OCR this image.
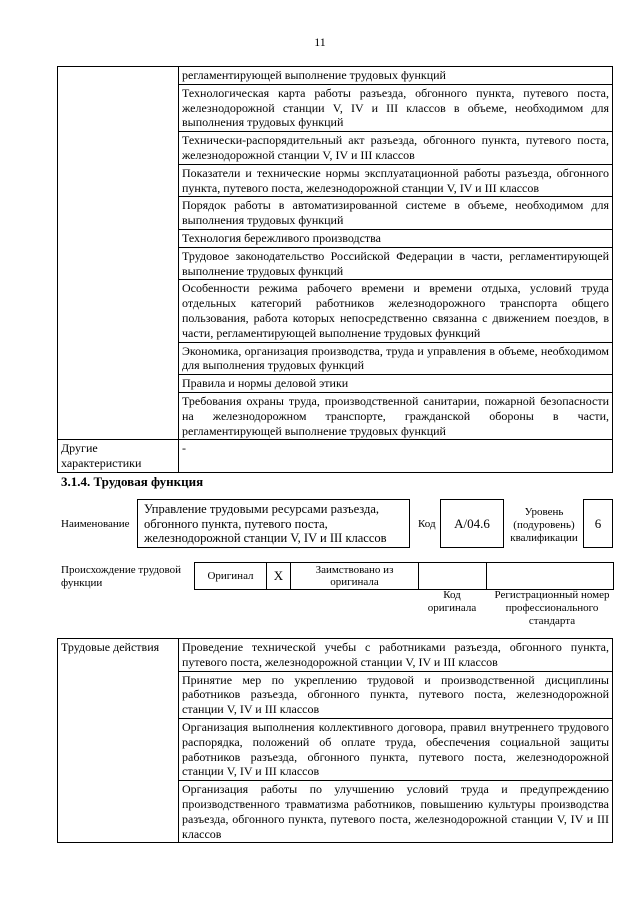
11
	регламентирующей выполнение трудовых функций
	Технологическая карта работы разъезда, обгонного пункта, путевого поста, железнодорожной станции V, IV и III классов в объеме, необходимом для выполнения трудовых функций
	Технически-распорядительный акт разъезда, обгонного пункта, путевого поста, железнодорожной станции V, IV и III классов
	Показатели и технические нормы эксплуатационной работы разъезда, обгонного пункта, путевого поста, железнодорожной станции V, IV и III классов
	Порядок работы в автоматизированной системе в объеме, необходимом для выполнения трудовых функций
	Технология бережливого производства
	Трудовое законодательство Российской Федерации в части, регламентирующей выполнение трудовых функций
	Особенности режима рабочего времени и времени отдыха, условий труда отдельных категорий работников железнодорожного транспорта общего пользования, работа которых непосредственно связанна с движением поездов, в части, регламентирующей выполнение трудовых функций
	Экономика, организация производства, труда и управления в объеме, необходимом для выполнения трудовых функций
	Правила и нормы деловой этики
	Требования охраны труда, производственной санитарии, пожарной безопасности на железнодорожном транспорте, гражданской обороны в части, регламентирующей выполнение трудовых функций
Другие характеристики	-
3.1.4. Трудовая функция
Наименование
Управление трудовыми ресурсами разъезда, обгонного пункта, путевого поста, железнодорожной станции V, IV и III классов
Код	A/04.6
Уровень (подуровень) квалификации
6
Происхождение трудовой функции
Оригинал	X	Заимствовано из оригинала		
Код оригинала
Регистрационный номер профессионального стандарта
Трудовые действия	Проведение технической учебы с работниками разъезда, обгонного пункта, путевого поста, железнодорожной станции V, IV и III классов
Принятие мер по укреплению трудовой и производственной дисциплины работников разъезда, обгонного пункта, путевого поста, железнодорожной станции V, IV и III классов
Организация выполнения коллективного договора, правил внутреннего трудового распорядка, положений об оплате труда, обеспечения социальной защиты работников разъезда, обгонного пункта, путевого поста, железнодорожной станции V, IV и III классов
Организация работы по улучшению условий труда и предупреждению производственного травматизма работников, повышению культуры производства разъезда, обгонного пункта, путевого поста, железнодорожной станции V, IV и III классов
